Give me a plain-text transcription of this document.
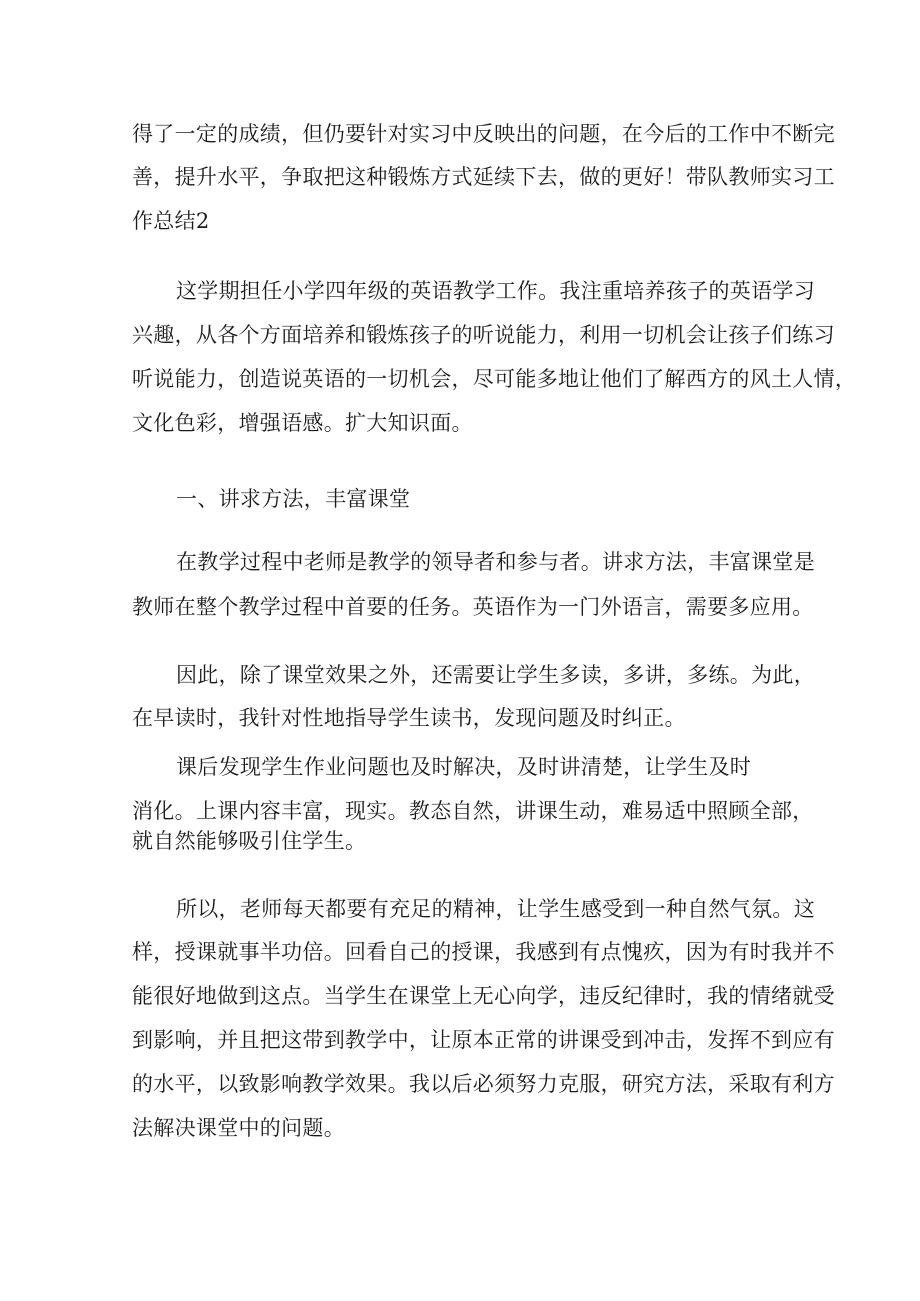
得了一定的成绩，但仍要针对实习中反映出的问题，在今后的工作中不断完
善，提升水平，争取把这种锻炼方式延续下去，做的更好！带队教师实习工
作总结2
这学期担任小学四年级的英语教学工作。我注重培养孩子的英语学习
兴趣，从各个方面培养和锻炼孩子的听说能力，利用一切机会让孩子们练习
听说能力，创造说英语的一切机会，尽可能多地让他们了解西方的风土人情，
文化色彩，增强语感。扩大知识面。
一、讲求方法，丰富课堂
在教学过程中老师是教学的领导者和参与者。讲求方法，丰富课堂是
教师在整个教学过程中首要的任务。英语作为一门外语言，需要多应用。
因此，除了课堂效果之外，还需要让学生多读，多讲，多练。为此，
在早读时，我针对性地指导学生读书，发现问题及时纠正。
课后发现学生作业问题也及时解决，及时讲清楚，让学生及时
消化。上课内容丰富，现实。教态自然，讲课生动，难易适中照顾全部，
就自然能够吸引住学生。
所以，老师每天都要有充足的精神，让学生感受到一种自然气氛。这
样，授课就事半功倍。回看自己的授课，我感到有点愧疚，因为有时我并不
能很好地做到这点。当学生在课堂上无心向学，违反纪律时，我的情绪就受
到影响，并且把这带到教学中，让原本正常的讲课受到冲击，发挥不到应有
的水平，以致影响教学效果。我以后必须努力克服，研究方法，采取有利方
法解决课堂中的问题。
